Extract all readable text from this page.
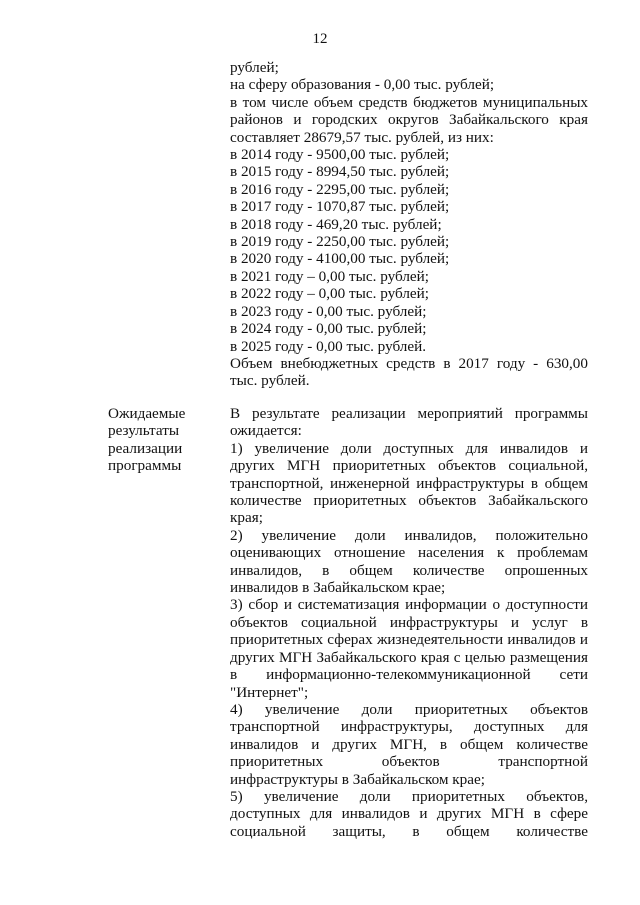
12
рублей;
на сферу образования - 0,00 тыс. рублей;
в том числе объем средств бюджетов муниципальных
районов и городских округов Забайкальского края
составляет 28679,57 тыс. рублей, из них:
в 2014 году - 9500,00 тыс. рублей;
в 2015 году - 8994,50 тыс. рублей;
в 2016 году - 2295,00 тыс. рублей;
в 2017 году - 1070,87 тыс. рублей;
в 2018 году - 469,20 тыс. рублей;
в 2019 году - 2250,00 тыс. рублей;
в 2020 году - 4100,00 тыс. рублей;
в 2021 году – 0,00 тыс. рублей;
в 2022 году – 0,00 тыс. рублей;
в 2023 году - 0,00 тыс. рублей;
в 2024 году - 0,00 тыс. рублей;
в 2025 году - 0,00 тыс. рублей.
Объем внебюджетных средств в 2017 году - 630,00
тыс. рублей.
Ожидаемые
результаты
реализации
программы
В результате реализации мероприятий программы
ожидается:
1) увеличение доли доступных для инвалидов и
других МГН приоритетных объектов социальной,
транспортной, инженерной инфраструктуры в общем
количестве приоритетных объектов Забайкальского
края;
2) увеличение доли инвалидов, положительно
оценивающих отношение населения к проблемам
инвалидов, в общем количестве опрошенных
инвалидов в Забайкальском крае;
3) сбор и систематизация информации о доступности
объектов социальной инфраструктуры и услуг в
приоритетных сферах жизнедеятельности инвалидов и
других МГН Забайкальского края с целью размещения
в информационно-телекоммуникационной сети
"Интернет";
4) увеличение доли приоритетных объектов
транспортной инфраструктуры, доступных для
инвалидов и других МГН, в общем количестве
приоритетных объектов транспортной
инфраструктуры в Забайкальском крае;
5) увеличение доли приоритетных объектов,
доступных для инвалидов и других МГН в сфере
социальной защиты, в общем количестве
